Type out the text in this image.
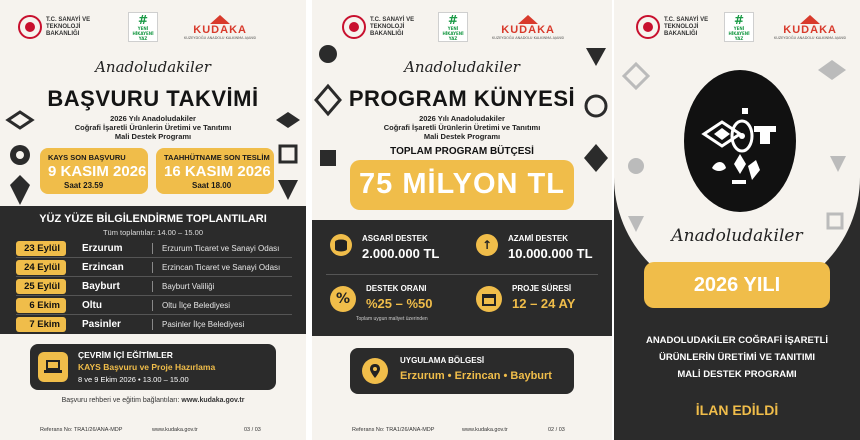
T.C. SANAYİ VE
TEKNOLOJİ BAKANLIĞI
#
YENİ
HİKAYENİ
YAZ
KUDAKA
KUZEYDOĞU ANADOLU KALKINMA AJANSI
Anadoludakiler
BAŞVURU TAKVİMİ
2026 Yılı Anadoludakiler
Coğrafi İşaretli Ürünlerin Üretimi ve Tanıtımı
Mali Destek Programı
KAYS SON BAŞVURU
9 KASIM 2026
Saat 23.59
TAAHHÜTNAME SON TESLİM
16 KASIM 2026
Saat 18.00
YÜZ YÜZE BİLGİLENDİRME TOPLANTILARI
Tüm toplantılar: 14.00 – 15.00
23 Eylül	Erzurum	Erzurum Ticaret ve Sanayi Odası
24 Eylül	Erzincan	Erzincan Ticaret ve Sanayi Odası
25 Eylül	Bayburt	Bayburt Valiliği
6 Ekim	Oltu	Oltu İlçe Belediyesi
7 Ekim	Pasinler	Pasinler İlçe Belediyesi
ÇEVRİM İÇİ EĞİTİMLER
KAYS Başvuru ve Proje Hazırlama
8 ve 9 Ekim 2026 • 13.00 – 15.00
Başvuru rehberi ve eğitim bağlantıları: www.kudaka.gov.tr
Referans No: TRA1/26/ANA-MDP	www.kudaka.gov.tr	03 / 03
T.C. SANAYİ VE
TEKNOLOJİ BAKANLIĞI
#
YENİ
HİKAYENİ
YAZ
KUDAKA
KUZEYDOĞU ANADOLU KALKINMA AJANSI
Anadoludakiler
PROGRAM KÜNYESİ
2026 Yılı Anadoludakiler
Coğrafi İşaretli Ürünlerin Üretimi ve Tanıtımı
Mali Destek Programı
TOPLAM PROGRAM BÜTÇESİ
75 MİLYON TL
ASGARİ DESTEK
2.000.000 TL
↑	AZAMİ DESTEK
10.000.000 TL
%
DESTEK ORANI
%25 – %50
Toplam uygun maliyet üzerinden
PROJE SÜRESİ
12 – 24 AY
UYGULAMA BÖLGESİ
Erzurum • Erzincan • Bayburt
Referans No: TRA1/26/ANA-MDP	www.kudaka.gov.tr	02 / 03
T.C. SANAYİ VE
TEKNOLOJİ BAKANLIĞI
#
YENİ
HİKAYENİ
YAZ
KUDAKA
KUZEYDOĞU ANADOLU KALKINMA AJANSI
Anadoludakiler
2026 YILI
ANADOLUDAKİLER COĞRAFİ İŞARETLİ
ÜRÜNLERİN ÜRETİMİ VE TANITIMI
MALİ DESTEK PROGRAMI
İLAN EDİLDİ
